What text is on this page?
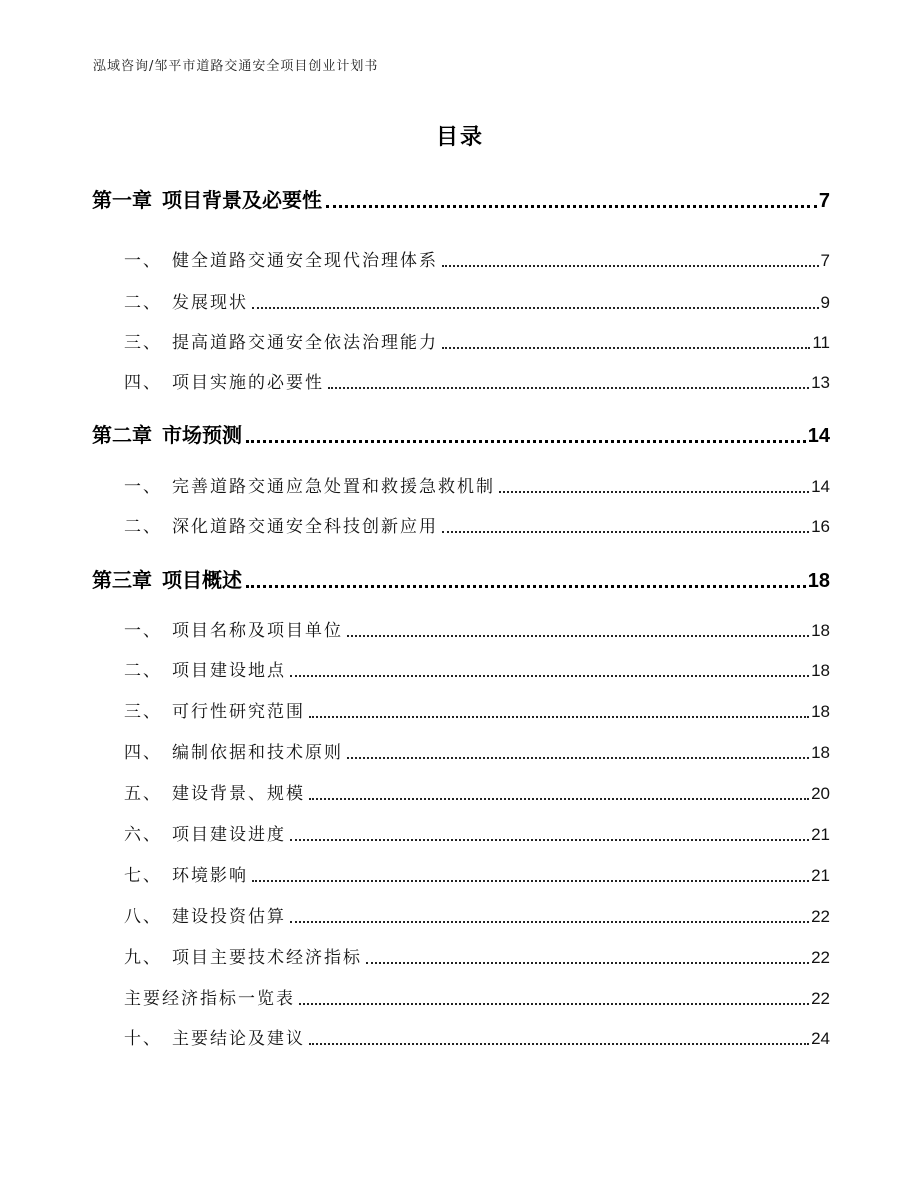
泓域咨询/邹平市道路交通安全项目创业计划书
目录
第一章 项目背景及必要性	7
一、 健全道路交通安全现代治理体系	7
二、 发展现状	9
三、 提高道路交通安全依法治理能力	11
四、 项目实施的必要性	13
第二章 市场预测	14
一、 完善道路交通应急处置和救援急救机制	14
二、 深化道路交通安全科技创新应用	16
第三章 项目概述	18
一、 项目名称及项目单位	18
二、 项目建设地点	18
三、 可行性研究范围	18
四、 编制依据和技术原则	18
五、 建设背景、规模	20
六、 项目建设进度	21
七、 环境影响	21
八、 建设投资估算	22
九、 项目主要技术经济指标	22
主要经济指标一览表	22
十、 主要结论及建议	24
